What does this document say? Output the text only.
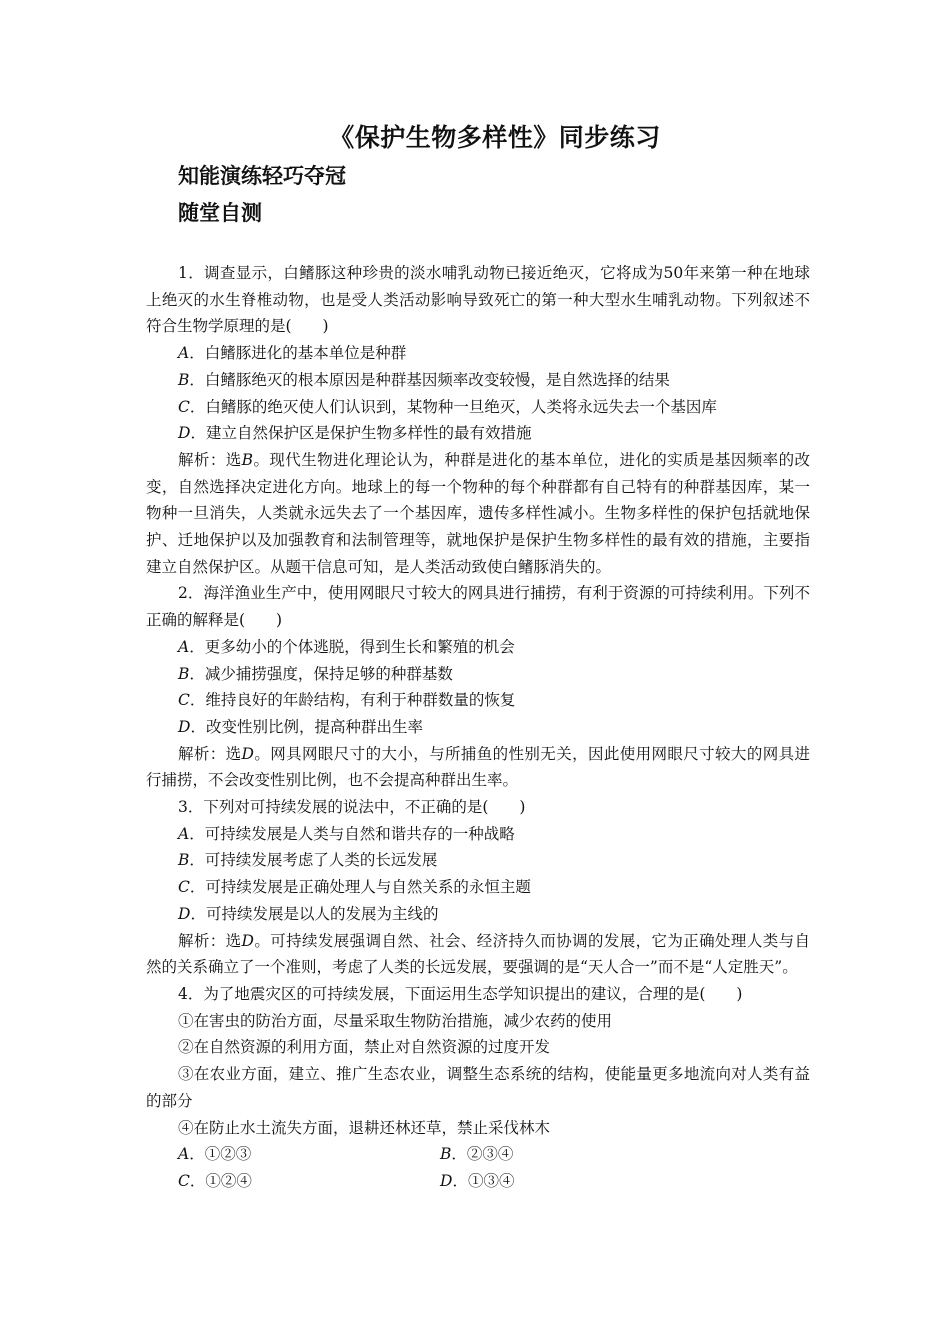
《保护生物多样性》同步练习
知能演练轻巧夺冠
随堂自测

1．调查显示，白鳍豚这种珍贵的淡水哺乳动物已接近绝灭，它将成为50年来第一种在地球上绝灭的水生脊椎动物，也是受人类活动影响导致死亡的第一种大型水生哺乳动物。下列叙述不符合生物学原理的是(　　)

A．白鳍豚进化的基本单位是种群

B．白鳍豚绝灭的根本原因是种群基因频率改变较慢，是自然选择的结果

C．白鳍豚的绝灭使人们认识到，某物种一旦绝灭，人类将永远失去一个基因库

D．建立自然保护区是保护生物多样性的最有效措施

解析：选B。现代生物进化理论认为，种群是进化的基本单位，进化的实质是基因频率的改变，自然选择决定进化方向。地球上的每一个物种的每个种群都有自己特有的种群基因库，某一物种一旦消失，人类就永远失去了一个基因库，遗传多样性减小。生物多样性的保护包括就地保护、迁地保护以及加强教育和法制管理等，就地保护是保护生物多样性的最有效的措施，主要指建立自然保护区。从题干信息可知，是人类活动致使白鳍豚消失的。

2．海洋渔业生产中，使用网眼尺寸较大的网具进行捕捞，有利于资源的可持续利用。下列不正确的解释是(　　)

A．更多幼小的个体逃脱，得到生长和繁殖的机会

B．减少捕捞强度，保持足够的种群基数

C．维持良好的年龄结构，有利于种群数量的恢复

D．改变性别比例，提高种群出生率

解析：选D。网具网眼尺寸的大小，与所捕鱼的性别无关，因此使用网眼尺寸较大的网具进行捕捞，不会改变性别比例，也不会提高种群出生率。

3．下列对可持续发展的说法中，不正确的是(　　)

A．可持续发展是人类与自然和谐共存的一种战略

B．可持续发展考虑了人类的长远发展

C．可持续发展是正确处理人与自然关系的永恒主题

D．可持续发展是以人的发展为主线的

解析：选D。可持续发展强调自然、社会、经济持久而协调的发展，它为正确处理人类与自然的关系确立了一个准则，考虑了人类的长远发展，要强调的是“天人合一”而不是“人定胜天”。

4．为了地震灾区的可持续发展，下面运用生态学知识提出的建议，合理的是(　　)

①在害虫的防治方面，尽量采取生物防治措施，减少农药的使用

②在自然资源的利用方面，禁止对自然资源的过度开发

③在农业方面，建立、推广生态农业，调整生态系统的结构，使能量更多地流向对人类有益的部分

④在防止水土流失方面，退耕还林还草，禁止采伐林木

A．①②③	B．②③④
C．①②④	D．①③④
